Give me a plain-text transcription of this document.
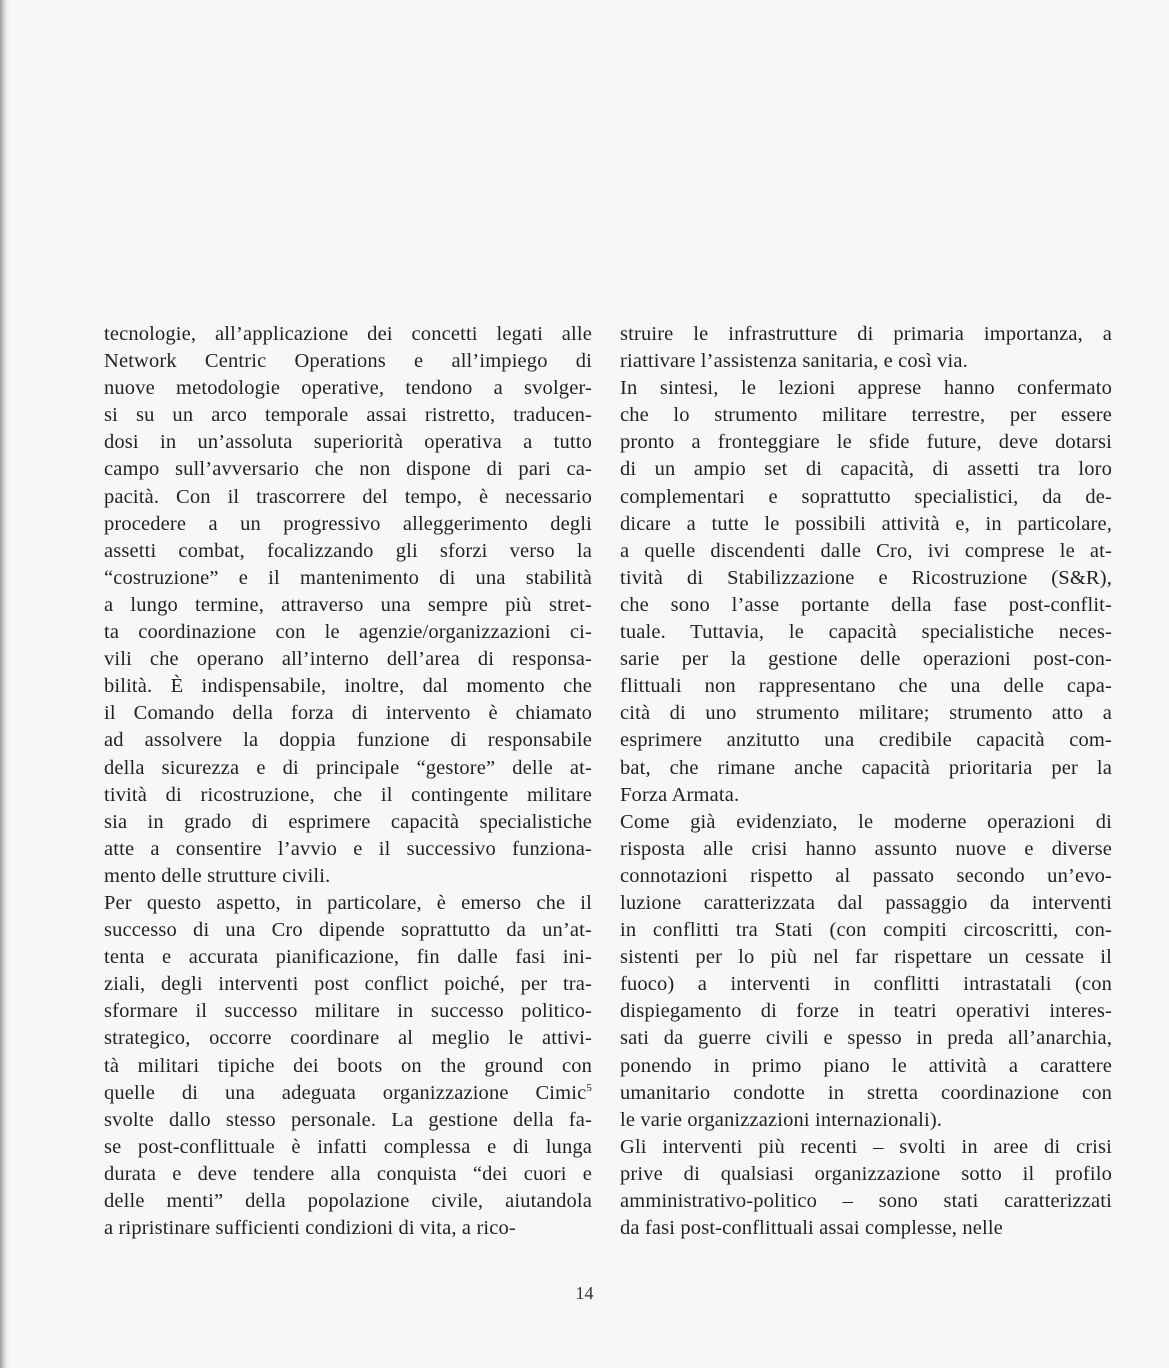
tecnologie, all’applicazione dei concetti legati alle
Network Centric Operations e all’impiego di
nuove metodologie operative, tendono a svolger-
si su un arco temporale assai ristretto, traducen-
dosi in un’assoluta superiorità operativa a tutto
campo sull’avversario che non dispone di pari ca-
pacità. Con il trascorrere del tempo, è necessario
procedere a un progressivo alleggerimento degli
assetti combat, focalizzando gli sforzi verso la
“costruzione” e il mantenimento di una stabilità
a lungo termine, attraverso una sempre più stret-
ta coordinazione con le agenzie/organizzazioni ci-
vili che operano all’interno dell’area di responsa-
bilità. È indispensabile, inoltre, dal momento che
il Comando della forza di intervento è chiamato
ad assolvere la doppia funzione di responsabile
della sicurezza e di principale “gestore” delle at-
tività di ricostruzione, che il contingente militare
sia in grado di esprimere capacità specialistiche
atte a consentire l’avvio e il successivo funziona-
mento delle strutture civili.

Per questo aspetto, in particolare, è emerso che il
successo di una Cro dipende soprattutto da un’at-
tenta e accurata pianificazione, fin dalle fasi ini-
ziali, degli interventi post conflict poiché, per tra-
sformare il successo militare in successo politico-
strategico, occorre coordinare al meglio le attivi-
tà militari tipiche dei boots on the ground con
quelle di una adeguata organizzazione Cimic$^5$
svolte dallo stesso personale. La gestione della fa-
se post-conflittuale è infatti complessa e di lunga
durata e deve tendere alla conquista “dei cuori e
delle menti” della popolazione civile, aiutandola
a ripristinare sufficienti condizioni di vita, a rico-

struire le infrastrutture di primaria importanza, a
riattivare l’assistenza sanitaria, e così via.

In sintesi, le lezioni apprese hanno confermato
che lo strumento militare terrestre, per essere
pronto a fronteggiare le sfide future, deve dotarsi
di un ampio set di capacità, di assetti tra loro
complementari e soprattutto specialistici, da de-
dicare a tutte le possibili attività e, in particolare,
a quelle discendenti dalle Cro, ivi comprese le at-
tività di Stabilizzazione e Ricostruzione (S&R),
che sono l’asse portante della fase post-conflit-
tuale. Tuttavia, le capacità specialistiche neces-
sarie per la gestione delle operazioni post-con-
flittuali non rappresentano che una delle capa-
cità di uno strumento militare; strumento atto a
esprimere anzitutto una credibile capacità com-
bat, che rimane anche capacità prioritaria per la
Forza Armata.

Come già evidenziato, le moderne operazioni di
risposta alle crisi hanno assunto nuove e diverse
connotazioni rispetto al passato secondo un’evo-
luzione caratterizzata dal passaggio da interventi
in conflitti tra Stati (con compiti circoscritti, con-
sistenti per lo più nel far rispettare un cessate il
fuoco) a interventi in conflitti intrastatali (con
dispiegamento di forze in teatri operativi interes-
sati da guerre civili e spesso in preda all’anarchia,
ponendo in primo piano le attività a carattere
umanitario condotte in stretta coordinazione con
le varie organizzazioni internazionali).

Gli interventi più recenti – svolti in aree di crisi
prive di qualsiasi organizzazione sotto il profilo
amministrativo-politico – sono stati caratterizzati
da fasi post-conflittuali assai complesse, nelle

14
